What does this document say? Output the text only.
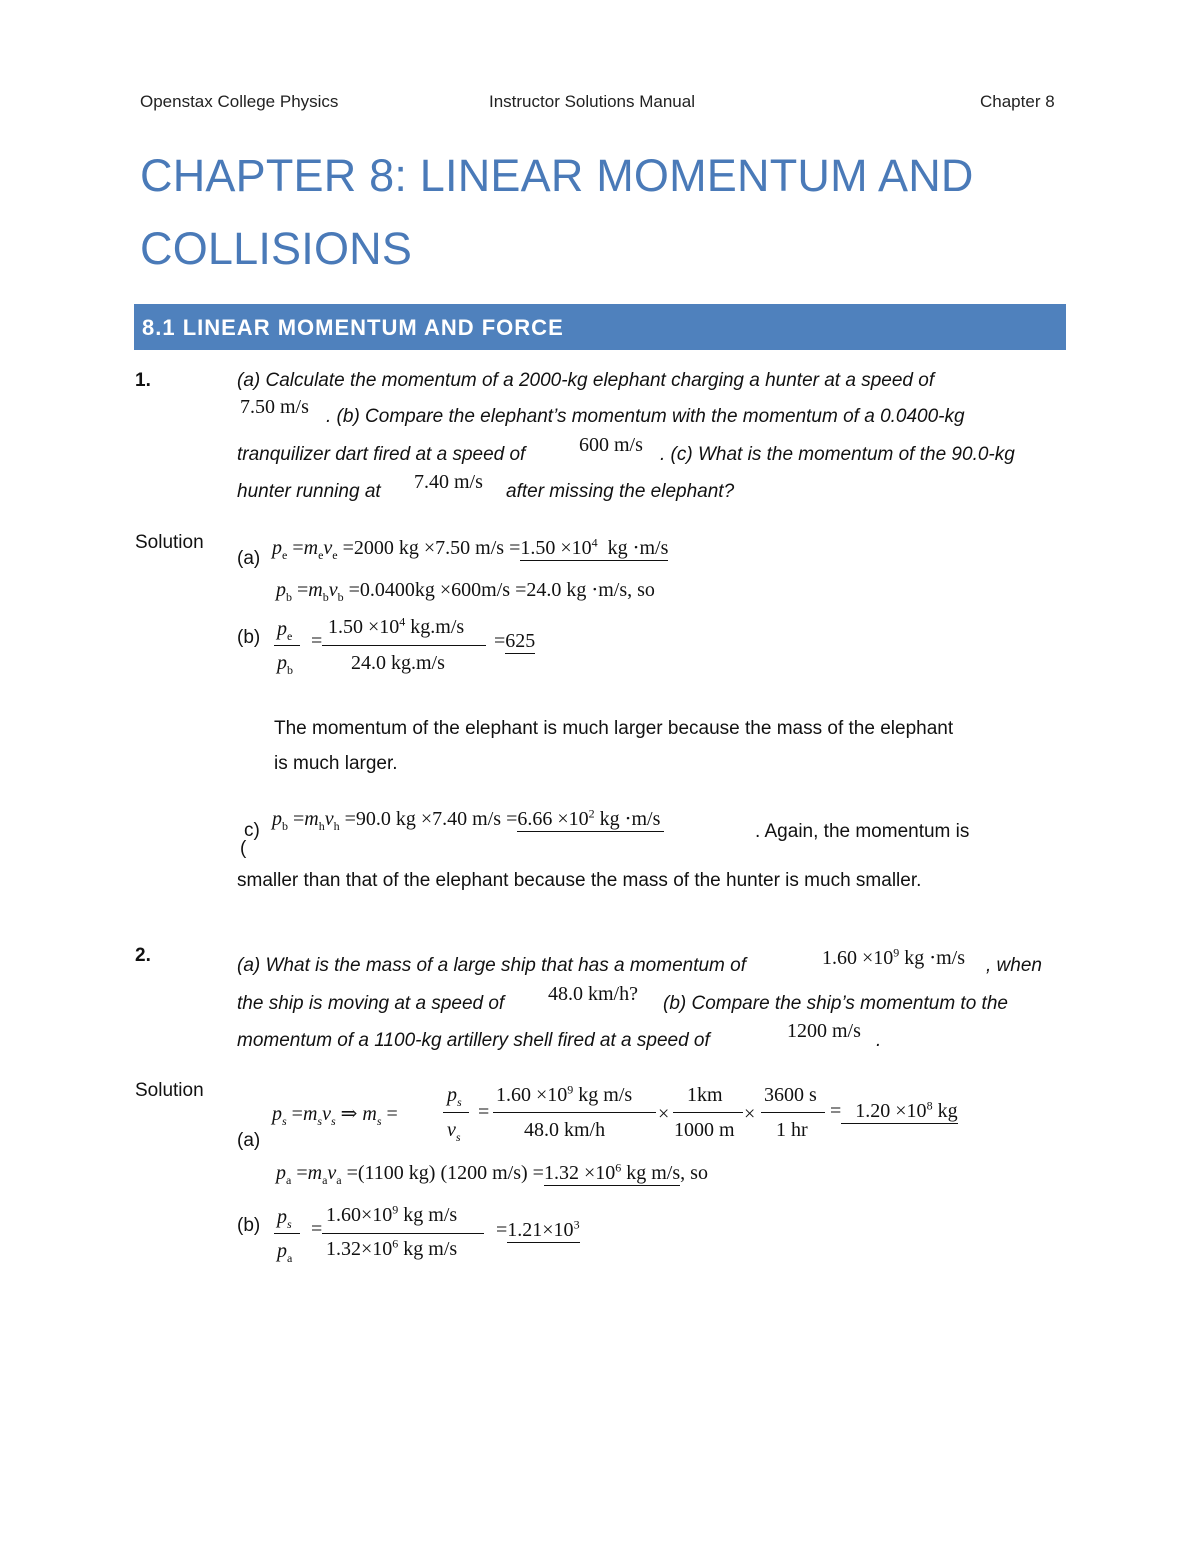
Openstax College Physics	Instructor Solutions Manual	Chapter 8
CHAPTER 8: LINEAR MOMENTUM AND
COLLISIONS
8.1 LINEAR MOMENTUM AND FORCE
1.	(a) Calculate the momentum of a 2000-kg elephant charging a hunter at a speed of
7.50 m/s . (b) Compare the elephant’s momentum with the momentum of a 0.0400-kg
tranquilizer dart fired at a speed of	600 m/s . (c) What is the momentum of the 90.0-kg
hunter running at 7.40 m/s after missing the elephant?
Solution
(a) $p_e =m_ev_e =2000$ kg ×7.50 $m/s =1.50 \times 10^4$  kg ⋅m/s
$p_b =m_bv_b =0.0400kg \times 600m/s =24.0$ kg ⋅m/s, so
(b) $p_e$
$p_b$
=
$1.50 \times 10^4$ kg.m/s
24.0 kg.m/s
=625
The momentum of the elephant is much larger because the mass of the elephant
is much larger.
c)
(
$p_b =m_hv_h =90.0$ kg ×7.40 $m/s =6.66 \times 10^2$ kg ⋅m/s
. Again, the momentum is
smaller than that of the elephant because the mass of the hunter is much smaller.
2.	(a) What is the mass of a large ship that has a momentum of	$1.60 \times 10^9$ kg ⋅m/s , when
the ship is moving at a speed of 48.0 km/h? (b) Compare the ship’s momentum to the
momentum of a 1100-kg artillery shell fired at a speed of	1200 m/s .
Solution
(a)
$p_s =m_sv_s$ ⇒ $m_s$ =
$p_s$
$v_s$
=
$1.60 \times 10^9$ kg m/s
48.0 km/h
×
1km
1000 m
×
3600 s
1 hr
= $1.20 \times 10^8$ kg
$p_a =m_av_a =(1100$ kg) (1200 $m/s) =1.32 \times 10^6$ kg m/s, so
(b) $p_s$
$p_a$
=
$1.60\times 10^9$ kg m/s
$1.32\times 10^6$ kg m/s
$=1.21\times 10^3$
